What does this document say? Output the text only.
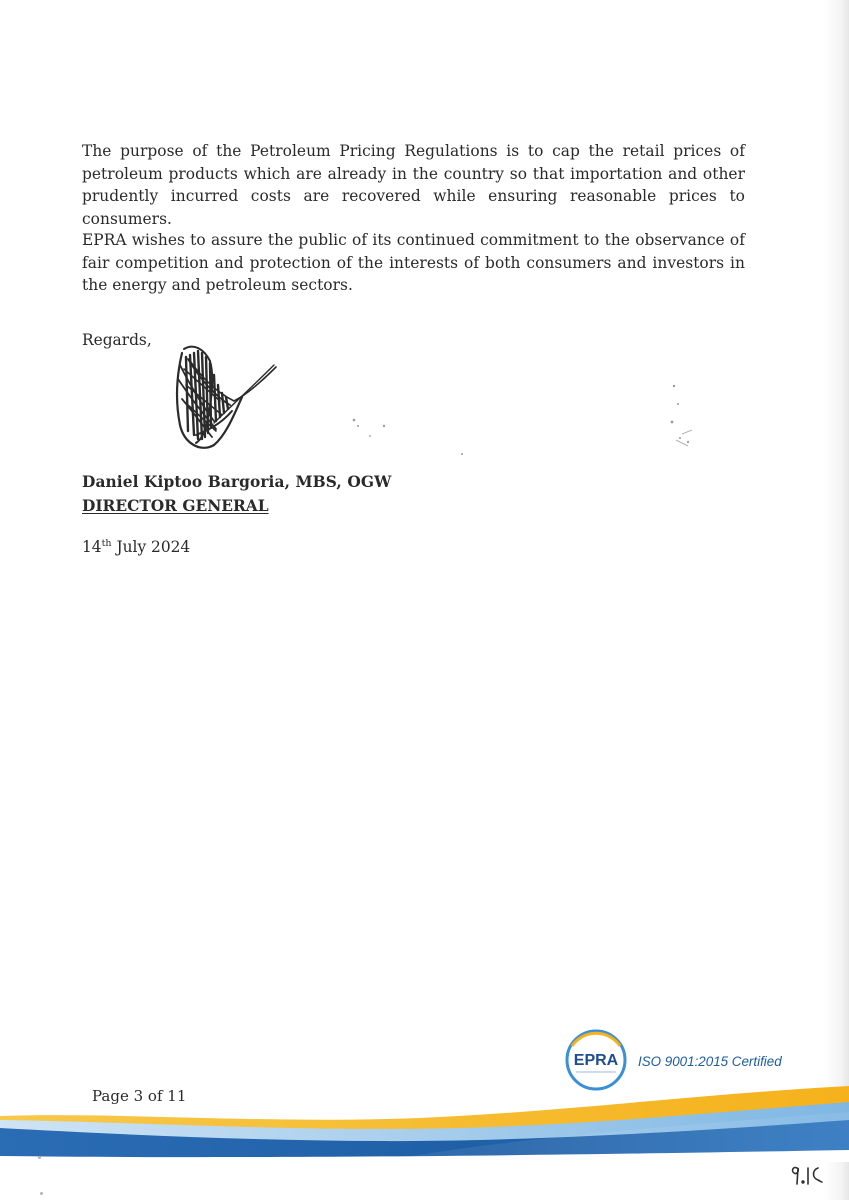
The purpose of the Petroleum Pricing Regulations is to cap the retail prices of petroleum products which are already in the country so that importation and other prudently incurred costs are recovered while ensuring reasonable prices to consumers.

EPRA wishes to assure the public of its continued commitment to the observance of fair competition and protection of the interests of both consumers and investors in the energy and petroleum sectors.

Regards,

Daniel Kiptoo Bargoria, MBS, OGW

DIRECTOR GENERAL

14th July 2024

EPRA ISO 9001:2015 Certified

Page 3 of 11
